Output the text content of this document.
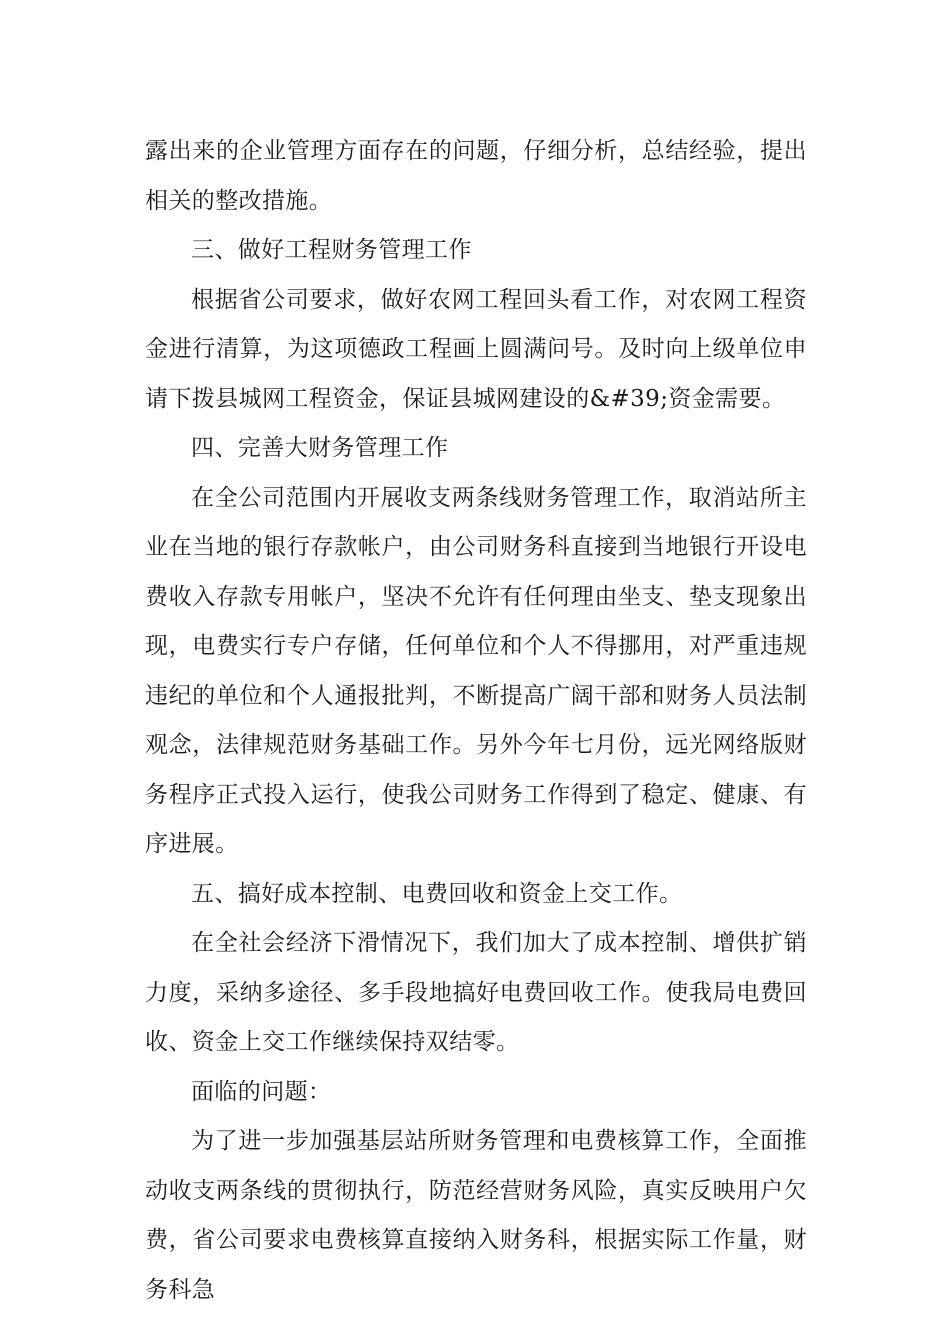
露出来的企业管理方面存在的问题，仔细分析，总结经验，提出相关的整改措施。

三、做好工程财务管理工作

根据省公司要求，做好农网工程回头看工作，对农网工程资金进行清算，为这项德政工程画上圆满问号。及时向上级单位申请下拨县城网工程资金，保证县城网建设的&#39;资金需要。

四、完善大财务管理工作

在全公司范围内开展收支两条线财务管理工作，取消站所主业在当地的银行存款帐户，由公司财务科直接到当地银行开设电费收入存款专用帐户，坚决不允许有任何理由坐支、垫支现象出现，电费实行专户存储，任何单位和个人不得挪用，对严重违规违纪的单位和个人通报批判，不断提高广阔干部和财务人员法制观念，法律规范财务基础工作。另外今年七月份，远光网络版财务程序正式投入运行，使我公司财务工作得到了稳定、健康、有序进展。

五、搞好成本控制、电费回收和资金上交工作。

在全社会经济下滑情况下，我们加大了成本控制、增供扩销力度，采纳多途径、多手段地搞好电费回收工作。使我局电费回收、资金上交工作继续保持双结零。

面临的问题：

为了进一步加强基层站所财务管理和电费核算工作，全面推动收支两条线的贯彻执行，防范经营财务风险，真实反映用户欠费，省公司要求电费核算直接纳入财务科，根据实际工作量，财务科急
